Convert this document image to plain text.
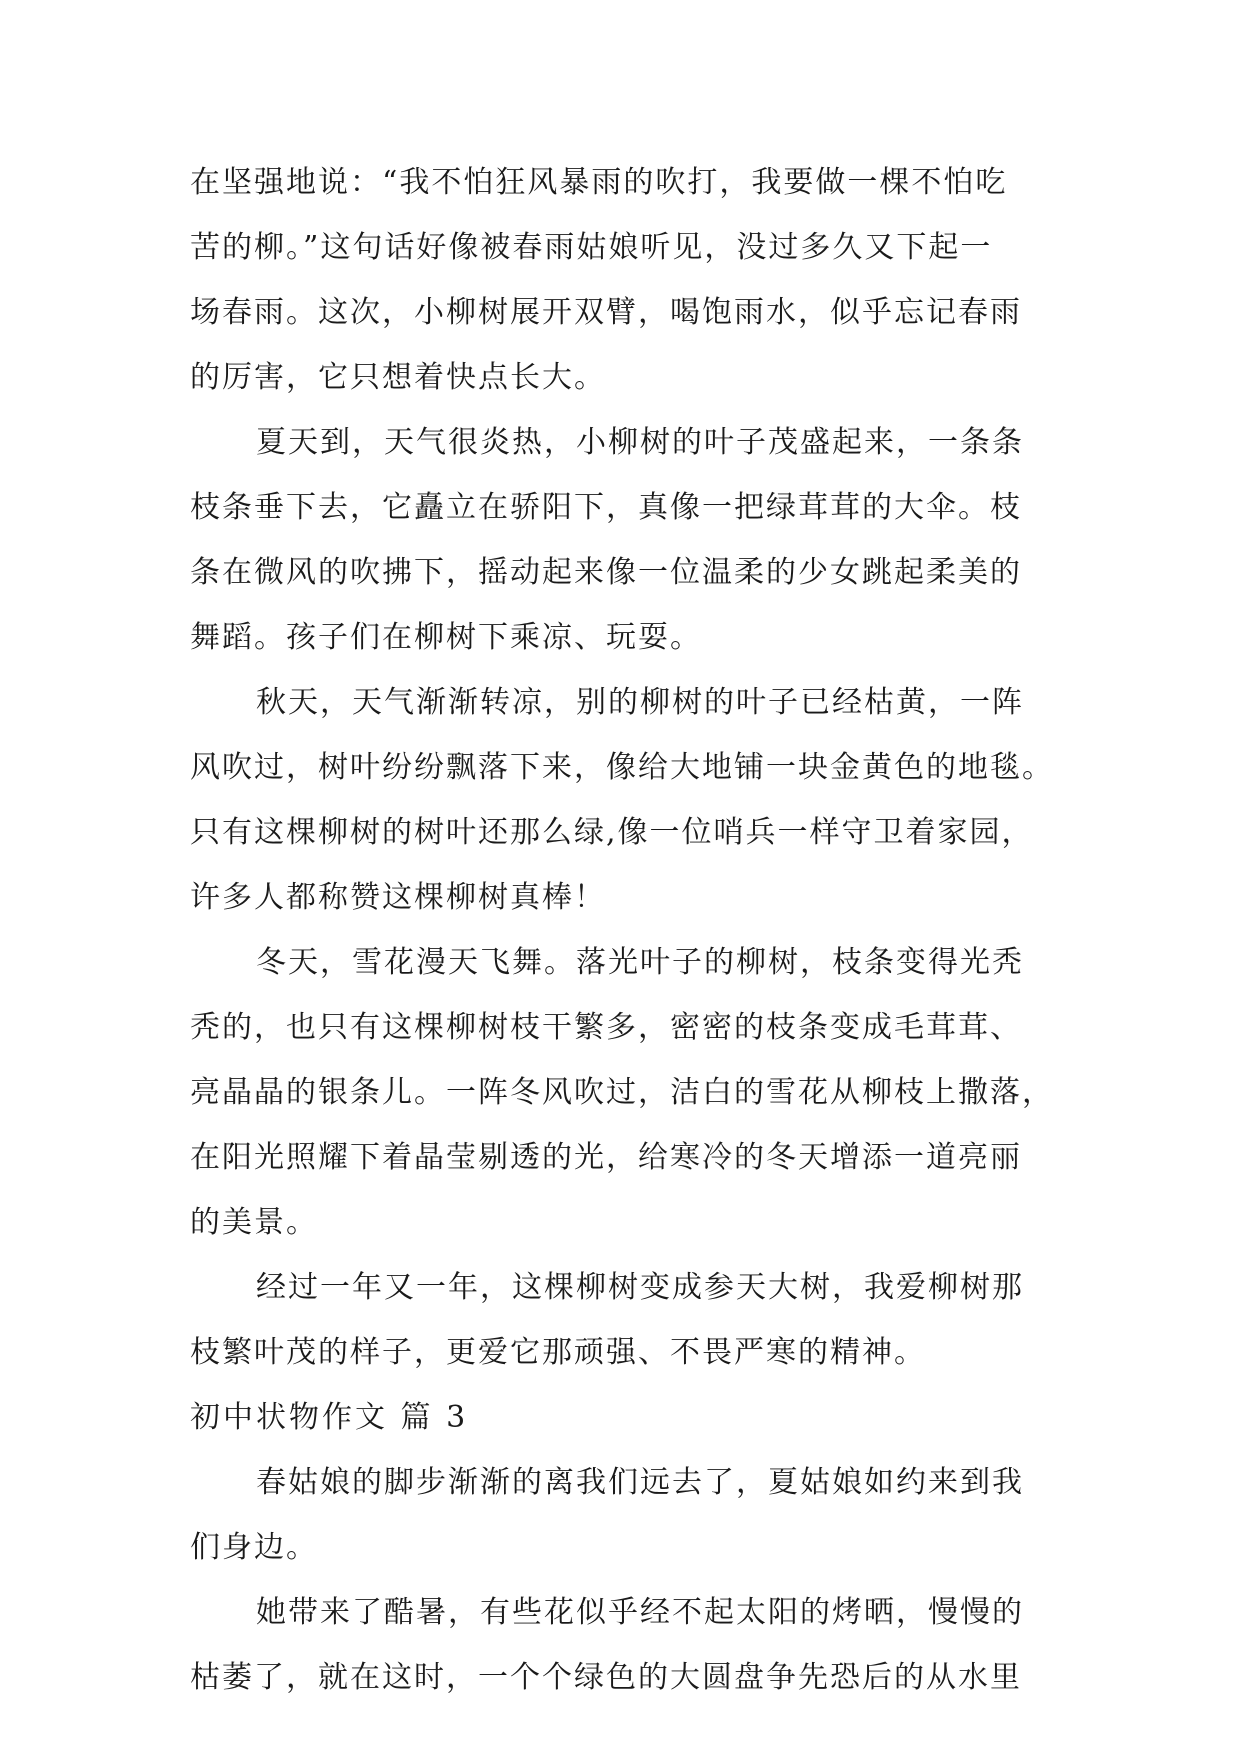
在坚强地说：“我不怕狂风暴雨的吹打，我要做一棵不怕吃
苦的柳。”这句话好像被春雨姑娘听见，没过多久又下起一
场春雨。这次，小柳树展开双臂，喝饱雨水，似乎忘记春雨
的厉害，它只想着快点长大。
夏天到，天气很炎热，小柳树的叶子茂盛起来，一条条
枝条垂下去，它矗立在骄阳下，真像一把绿茸茸的大伞。枝
条在微风的吹拂下，摇动起来像一位温柔的少女跳起柔美的
舞蹈。孩子们在柳树下乘凉、玩耍。
秋天，天气渐渐转凉，别的柳树的叶子已经枯黄，一阵
风吹过，树叶纷纷飘落下来，像给大地铺一块金黄色的地毯。
只有这棵柳树的树叶还那么绿,像一位哨兵一样守卫着家园，
许多人都称赞这棵柳树真棒！
冬天，雪花漫天飞舞。落光叶子的柳树，枝条变得光秃
秃的，也只有这棵柳树枝干繁多，密密的枝条变成毛茸茸、
亮晶晶的银条儿。一阵冬风吹过，洁白的雪花从柳枝上撒落，
在阳光照耀下着晶莹剔透的光，给寒冷的冬天增添一道亮丽
的美景。
经过一年又一年，这棵柳树变成参天大树，我爱柳树那
枝繁叶茂的样子，更爱它那顽强、不畏严寒的精神。
初中状物作文 篇 3
春姑娘的脚步渐渐的离我们远去了，夏姑娘如约来到我
们身边。
她带来了酷暑，有些花似乎经不起太阳的烤晒，慢慢的
枯萎了，就在这时，一个个绿色的大圆盘争先恐后的从水里
